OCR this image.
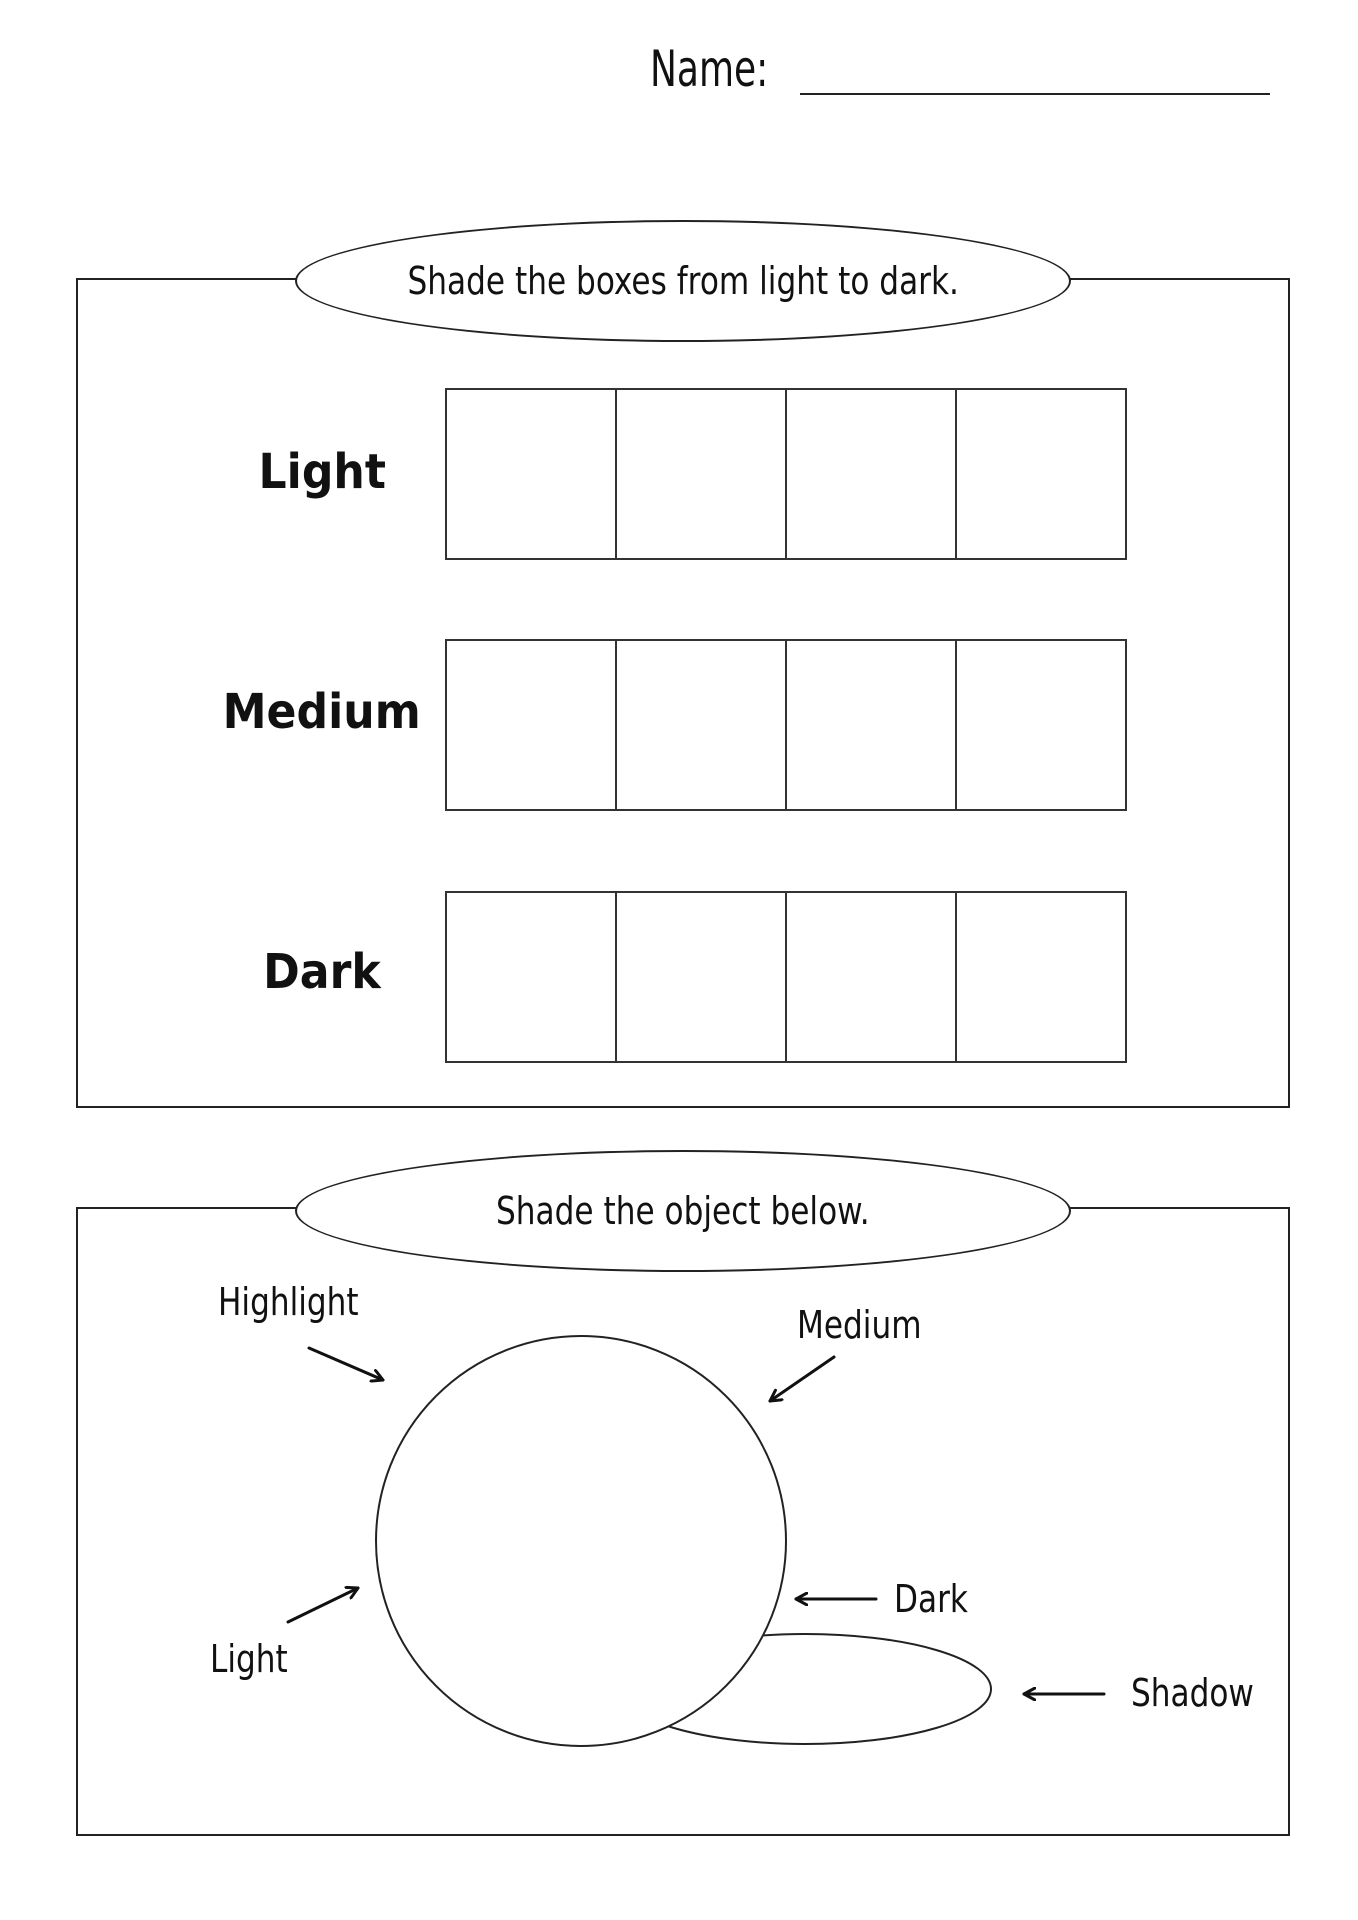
Name:
Shade the boxes from light to dark.
Light
Medium
Dark
Shade the object below.
Highlight
Medium
Dark
Light
Shadow
